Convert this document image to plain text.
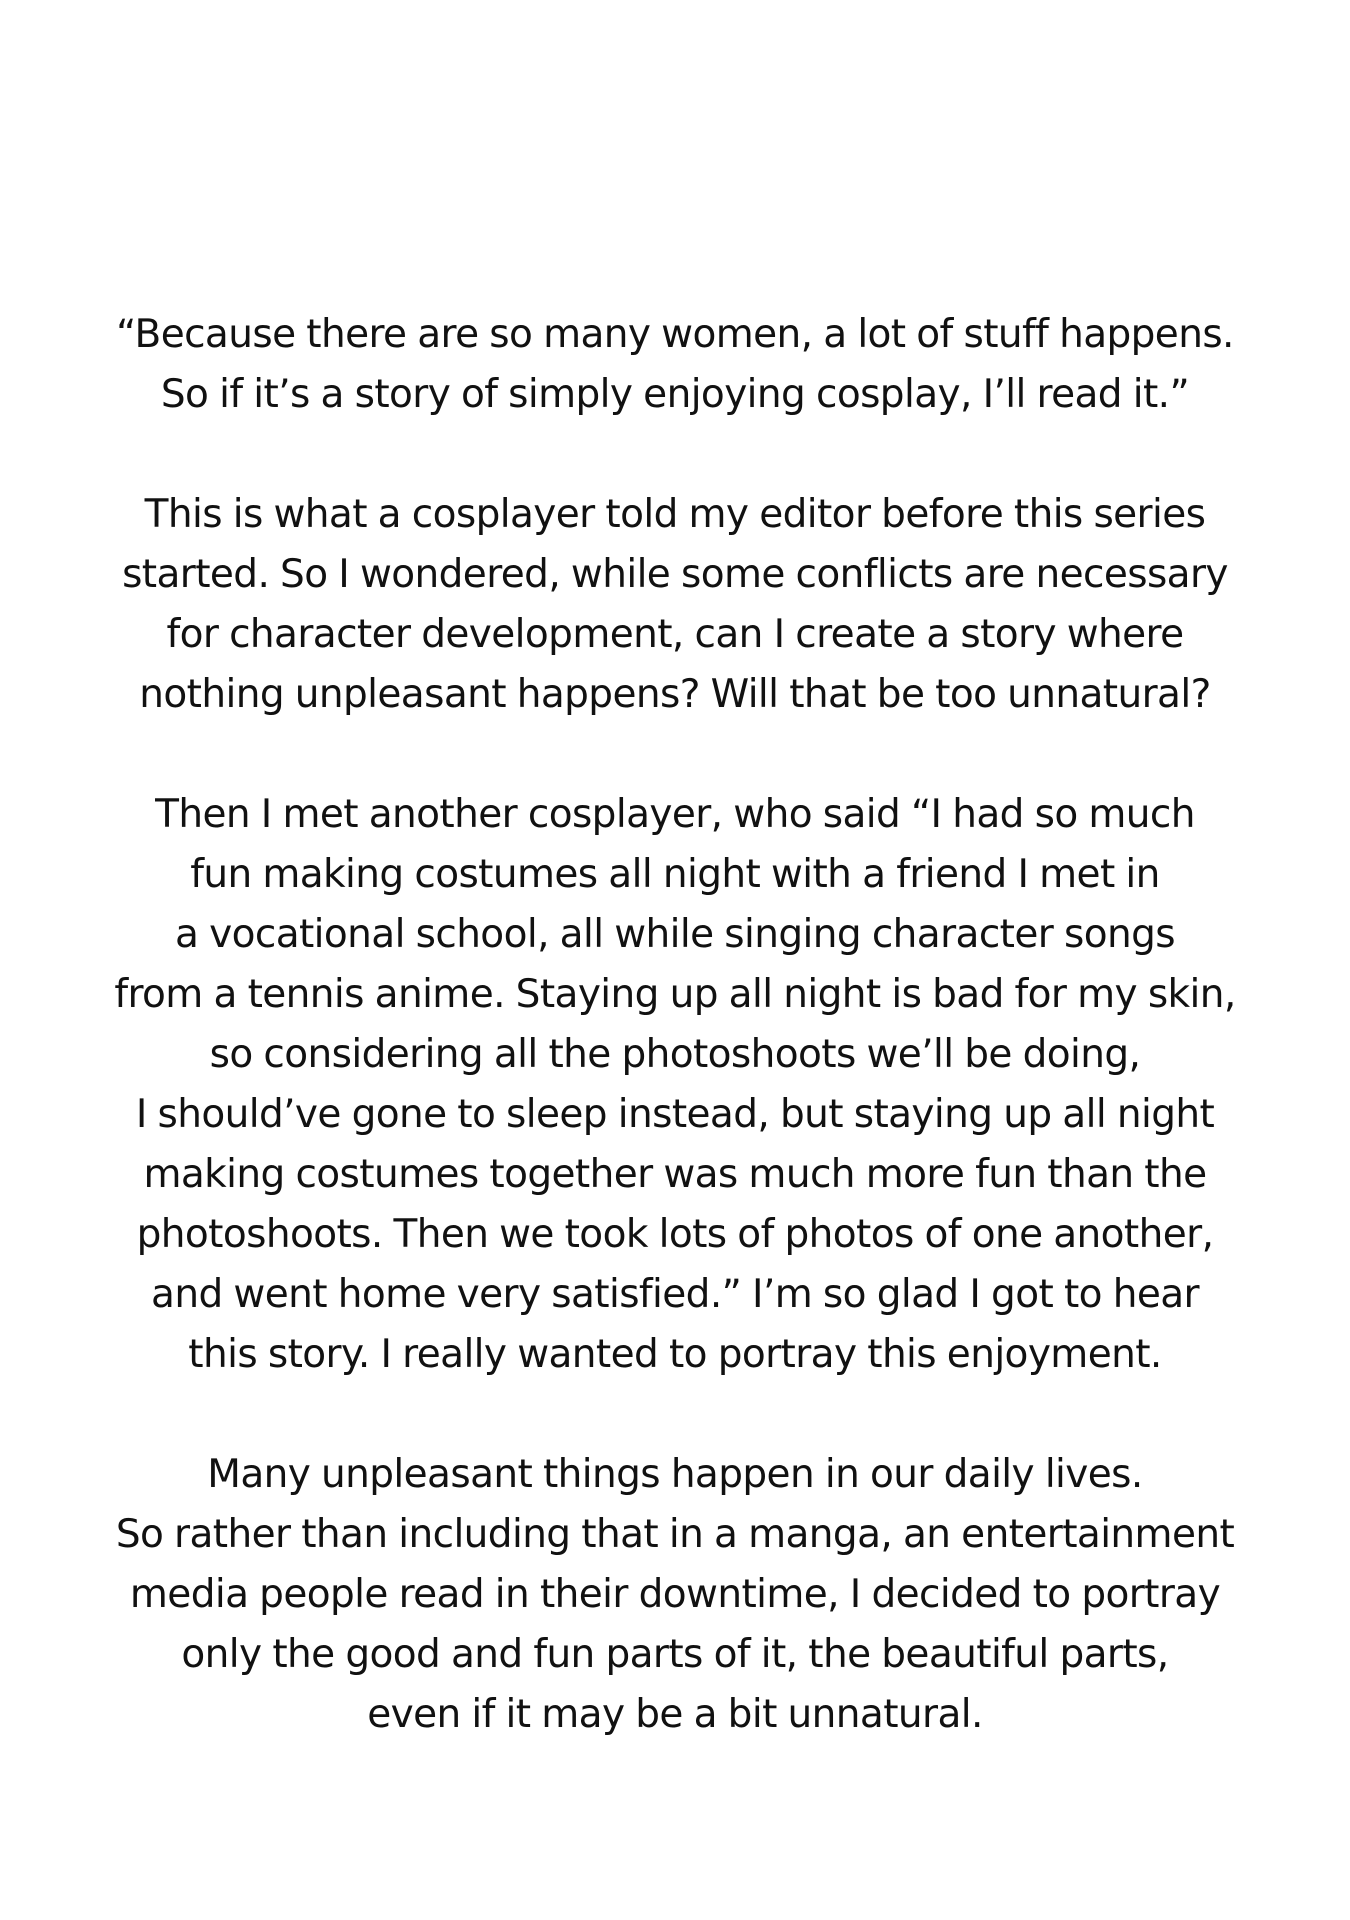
“Because there are so many women, a lot of stuff happens.
So if it’s a story of simply enjoying cosplay, I’ll read it.”

This is what a cosplayer told my editor before this series
started. So I wondered, while some conflicts are necessary
for character development, can I create a story where
nothing unpleasant happens? Will that be too unnatural?

Then I met another cosplayer, who said “I had so much
fun making costumes all night with a friend I met in
a vocational school, all while singing character songs
from a tennis anime. Staying up all night is bad for my skin,
so considering all the photoshoots we’ll be doing,
I should’ve gone to sleep instead, but staying up all night
making costumes together was much more fun than the
photoshoots. Then we took lots of photos of one another,
and went home very satisfied.” I’m so glad I got to hear
this story. I really wanted to portray this enjoyment.

Many unpleasant things happen in our daily lives.
So rather than including that in a manga, an entertainment
media people read in their downtime, I decided to portray
only the good and fun parts of it, the beautiful parts,
even if it may be a bit unnatural.
